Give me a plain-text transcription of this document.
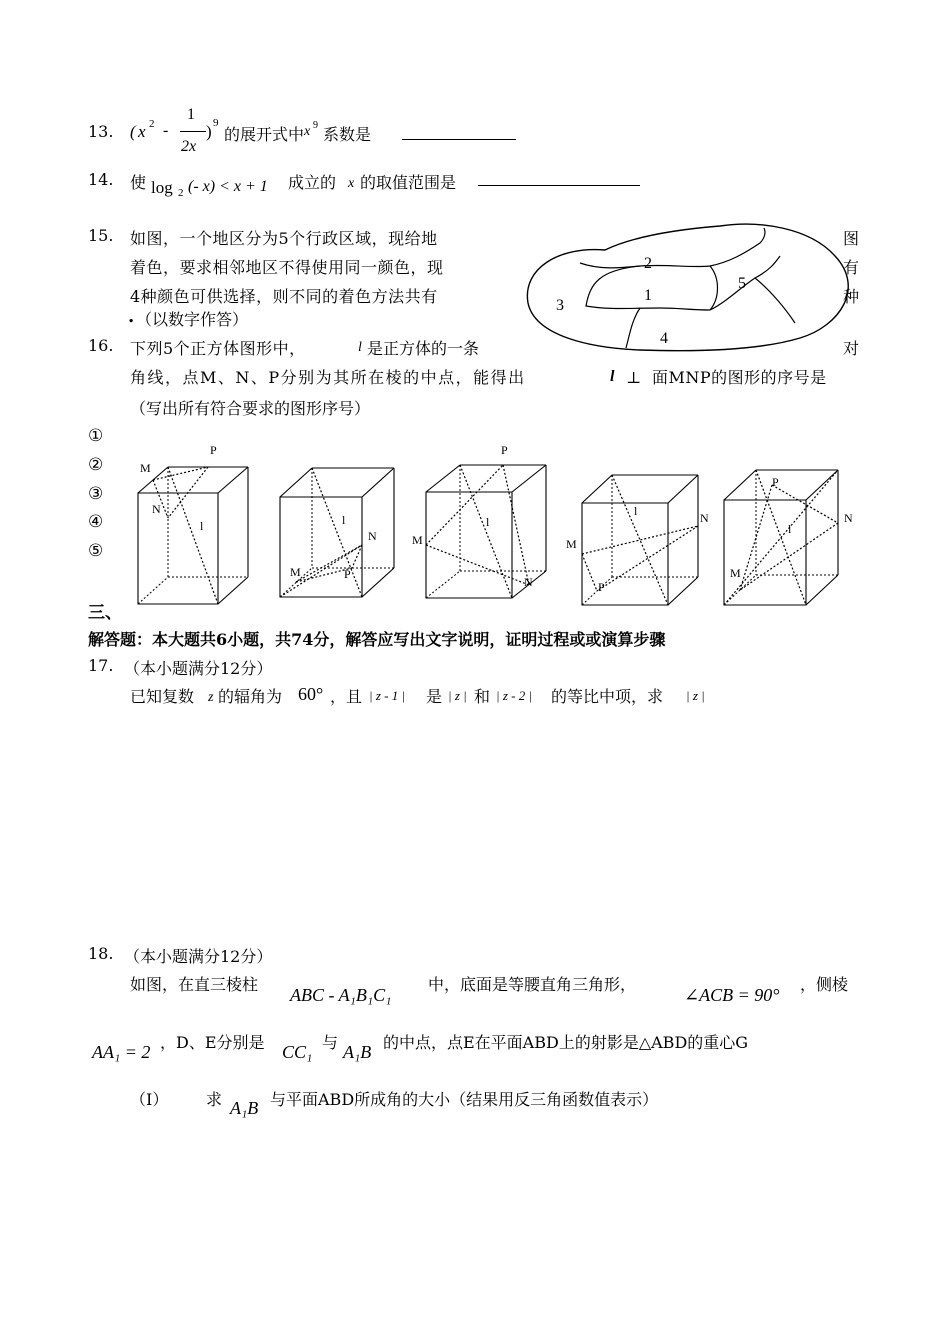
13. ( x 2 -
1
2x
) 9
的展开式中 x 9 系数是
14. 使 log 2 (- x) < x + 1 成立的 x 的取值范围是
15. 如图，一个地区分为5个行政区域，现给地
着色，要求相邻地区不得使用同一颜色，现
4种颜色可供选择，则不同的着色方法共有
. （以数字作答）
图
有
种
1
2
3
4
5
16. 下列5个正方体图形中，	l 是正方体的一条	对
角线，点M、N、P分别为其所在棱的中点，能得出	l ⊥ 面MNP的图形的序号是
（写出所有符合要求的图形序号）
①
②
③
④
⑤
M
P
N
l	l
N
M	P
P
l
M
N
l	N
M
P
P
l
N
M
三、
解答题：本大题共6小题，共74分，解答应写出文字说明，证明过程或或演算步骤
17. （本小题满分12分）
已知复数 z 的辐角为 60° ，且 | z - 1 | 是 | z | 和 | z - 2 | 的等比中项，求 | z |
18. （本小题满分12分）
如图，在直三棱柱
ABC - A₁B₁C₁
中，底面是等腰直角三角形，
∠ACB = 90°
，侧棱
AA₁ = 2 ，D、E分别是 CC₁ 与 A₁B 的中点，点E在平面ABD上的射影是△ABD的重心G
（I） 求 A₁B 与平面ABD所成角的大小（结果用反三角函数值表示）
